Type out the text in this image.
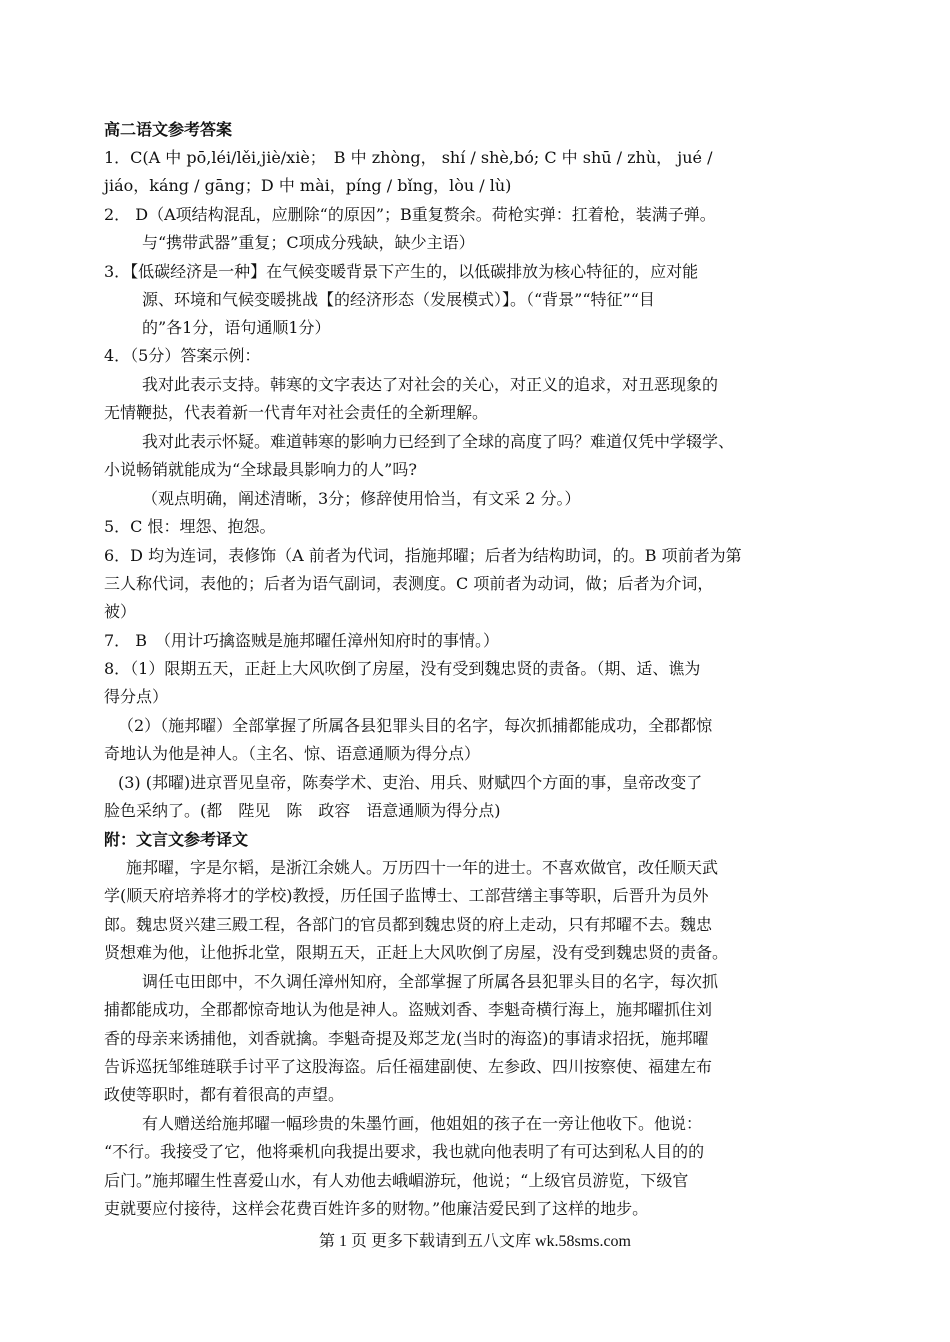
高二语文参考答案
1．C(A 中 pō,léi/lěi,jiè/xiè；　B 中 zhòng， shí / shè,bó; C 中 shū / zhù， jué /
jiáo，káng / gāng；D 中 mài，píng / bǐng，lòu / lù)
2． D（A项结构混乱，应删除“的原因”；B重复赘余。荷枪实弹：扛着枪，装满子弹。
与“携带武器”重复；C项成分残缺，缺少主语）
3．【低碳经济是一种】在气候变暖背景下产生的，以低碳排放为核心特征的，应对能
源、环境和气候变暖挑战【的经济形态（发展模式）】。（“背景”“特征”“目
的”各1分，语句通顺1分）
4．（5分）答案示例：
我对此表示支持。韩寒的文字表达了对社会的关心，对正义的追求，对丑恶现象的
无情鞭挞，代表着新一代青年对社会责任的全新理解。
我对此表示怀疑。难道韩寒的影响力已经到了全球的高度了吗？难道仅凭中学辍学、
小说畅销就能成为“全球最具影响力的人”吗?
（观点明确，阐述清晰，3分；修辞使用恰当，有文采 2 分。）
5．C 恨：埋怨、抱怨。
6．D 均为连词，表修饰（A 前者为代词，指施邦曜；后者为结构助词，的。B 项前者为第
三人称代词，表他的；后者为语气副词，表测度。C 项前者为动词，做；后者为介词，
被）
7． B　（用计巧擒盗贼是施邦曜任漳州知府时的事情。）
8．（1）限期五天，正赶上大风吹倒了房屋，没有受到魏忠贤的责备。（期、适、谯为
得分点）
（2）（施邦曜）全部掌握了所属各县犯罪头目的名字，每次抓捕都能成功，全郡都惊
奇地认为他是神人。（主名、惊、语意通顺为得分点）
(3) (邦曜)进京晋见皇帝，陈奏学术、吏治、用兵、财赋四个方面的事，皇帝改变了
脸色采纳了。(都　陛见　陈　政容　语意通顺为得分点)
附：文言文参考译文
施邦曜，字是尔韬，是浙江余姚人。万历四十一年的进士。不喜欢做官，改任顺天武
学(顺天府培养将才的学校)教授，历任国子监博士、工部营缮主事等职，后晋升为员外
郎。魏忠贤兴建三殿工程，各部门的官员都到魏忠贤的府上走动，只有邦曜不去。魏忠
贤想难为他，让他拆北堂，限期五天，正赶上大风吹倒了房屋，没有受到魏忠贤的责备。
调任屯田郎中，不久调任漳州知府，全部掌握了所属各县犯罪头目的名字，每次抓
捕都能成功，全郡都惊奇地认为他是神人。盗贼刘香、李魁奇横行海上，施邦曜抓住刘
香的母亲来诱捕他，刘香就擒。李魁奇提及郑芝龙(当时的海盗)的事请求招抚，施邦曜
告诉巡抚邹维琏联手讨平了这股海盗。后任福建副使、左参政、四川按察使、福建左布
政使等职时，都有着很高的声望。
有人赠送给施邦曜一幅珍贵的朱墨竹画，他姐姐的孩子在一旁让他收下。他说：
“不行。我接受了它，他将乘机向我提出要求，我也就向他表明了有可达到私人目的的
后门。”施邦曜生性喜爱山水，有人劝他去峨嵋游玩，他说；“上级官员游览，下级官
吏就要应付接待，这样会花费百姓许多的财物。”他廉洁爱民到了这样的地步。
第 1 页 更多下载请到五八文库 wk.58sms.com
